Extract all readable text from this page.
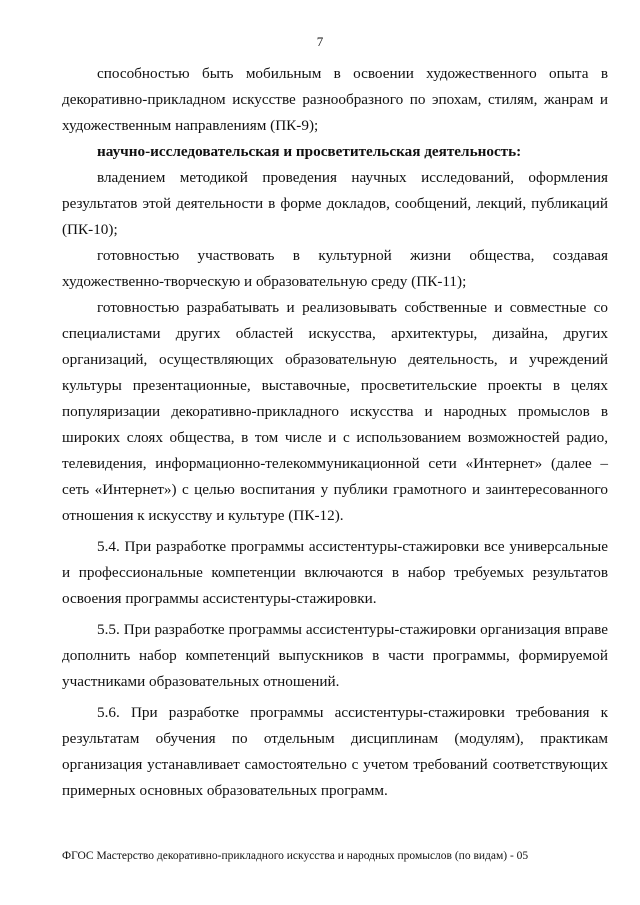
7

способностью быть мобильным в освоении художественного опыта в декоративно-прикладном искусстве разнообразного по эпохам, стилям, жанрам и художественным направлениям (ПК-9);

научно-исследовательская и просветительская деятельность:

владением методикой проведения научных исследований, оформления результатов этой деятельности в форме докладов, сообщений, лекций, публикаций (ПК-10);

готовностью участвовать в культурной жизни общества, создавая художественно-творческую и образовательную среду (ПК-11);

готовностью разрабатывать и реализовывать собственные и совместные со специалистами других областей искусства, архитектуры, дизайна, других организаций, осуществляющих образовательную деятельность, и учреждений культуры презентационные, выставочные, просветительские проекты в целях популяризации декоративно-прикладного искусства и народных промыслов в широких слоях общества, в том числе и с использованием возможностей радио, телевидения, информационно-телекоммуникационной сети «Интернет» (далее – сеть «Интернет») с целью воспитания у публики грамотного и заинтересованного отношения к искусству и культуре (ПК-12).

5.4. При разработке программы ассистентуры-стажировки все универсальные и профессиональные компетенции включаются в набор требуемых результатов освоения программы ассистентуры-стажировки.

5.5. При разработке программы ассистентуры-стажировки организация вправе дополнить набор компетенций выпускников в части программы, формируемой участниками образовательных отношений.

5.6. При разработке программы ассистентуры-стажировки требования к результатам обучения по отдельным дисциплинам (модулям), практикам организация устанавливает самостоятельно с учетом требований соответствующих примерных основных образовательных программ.

ФГОС Мастерство декоративно-прикладного искусства и народных промыслов (по видам) - 05
